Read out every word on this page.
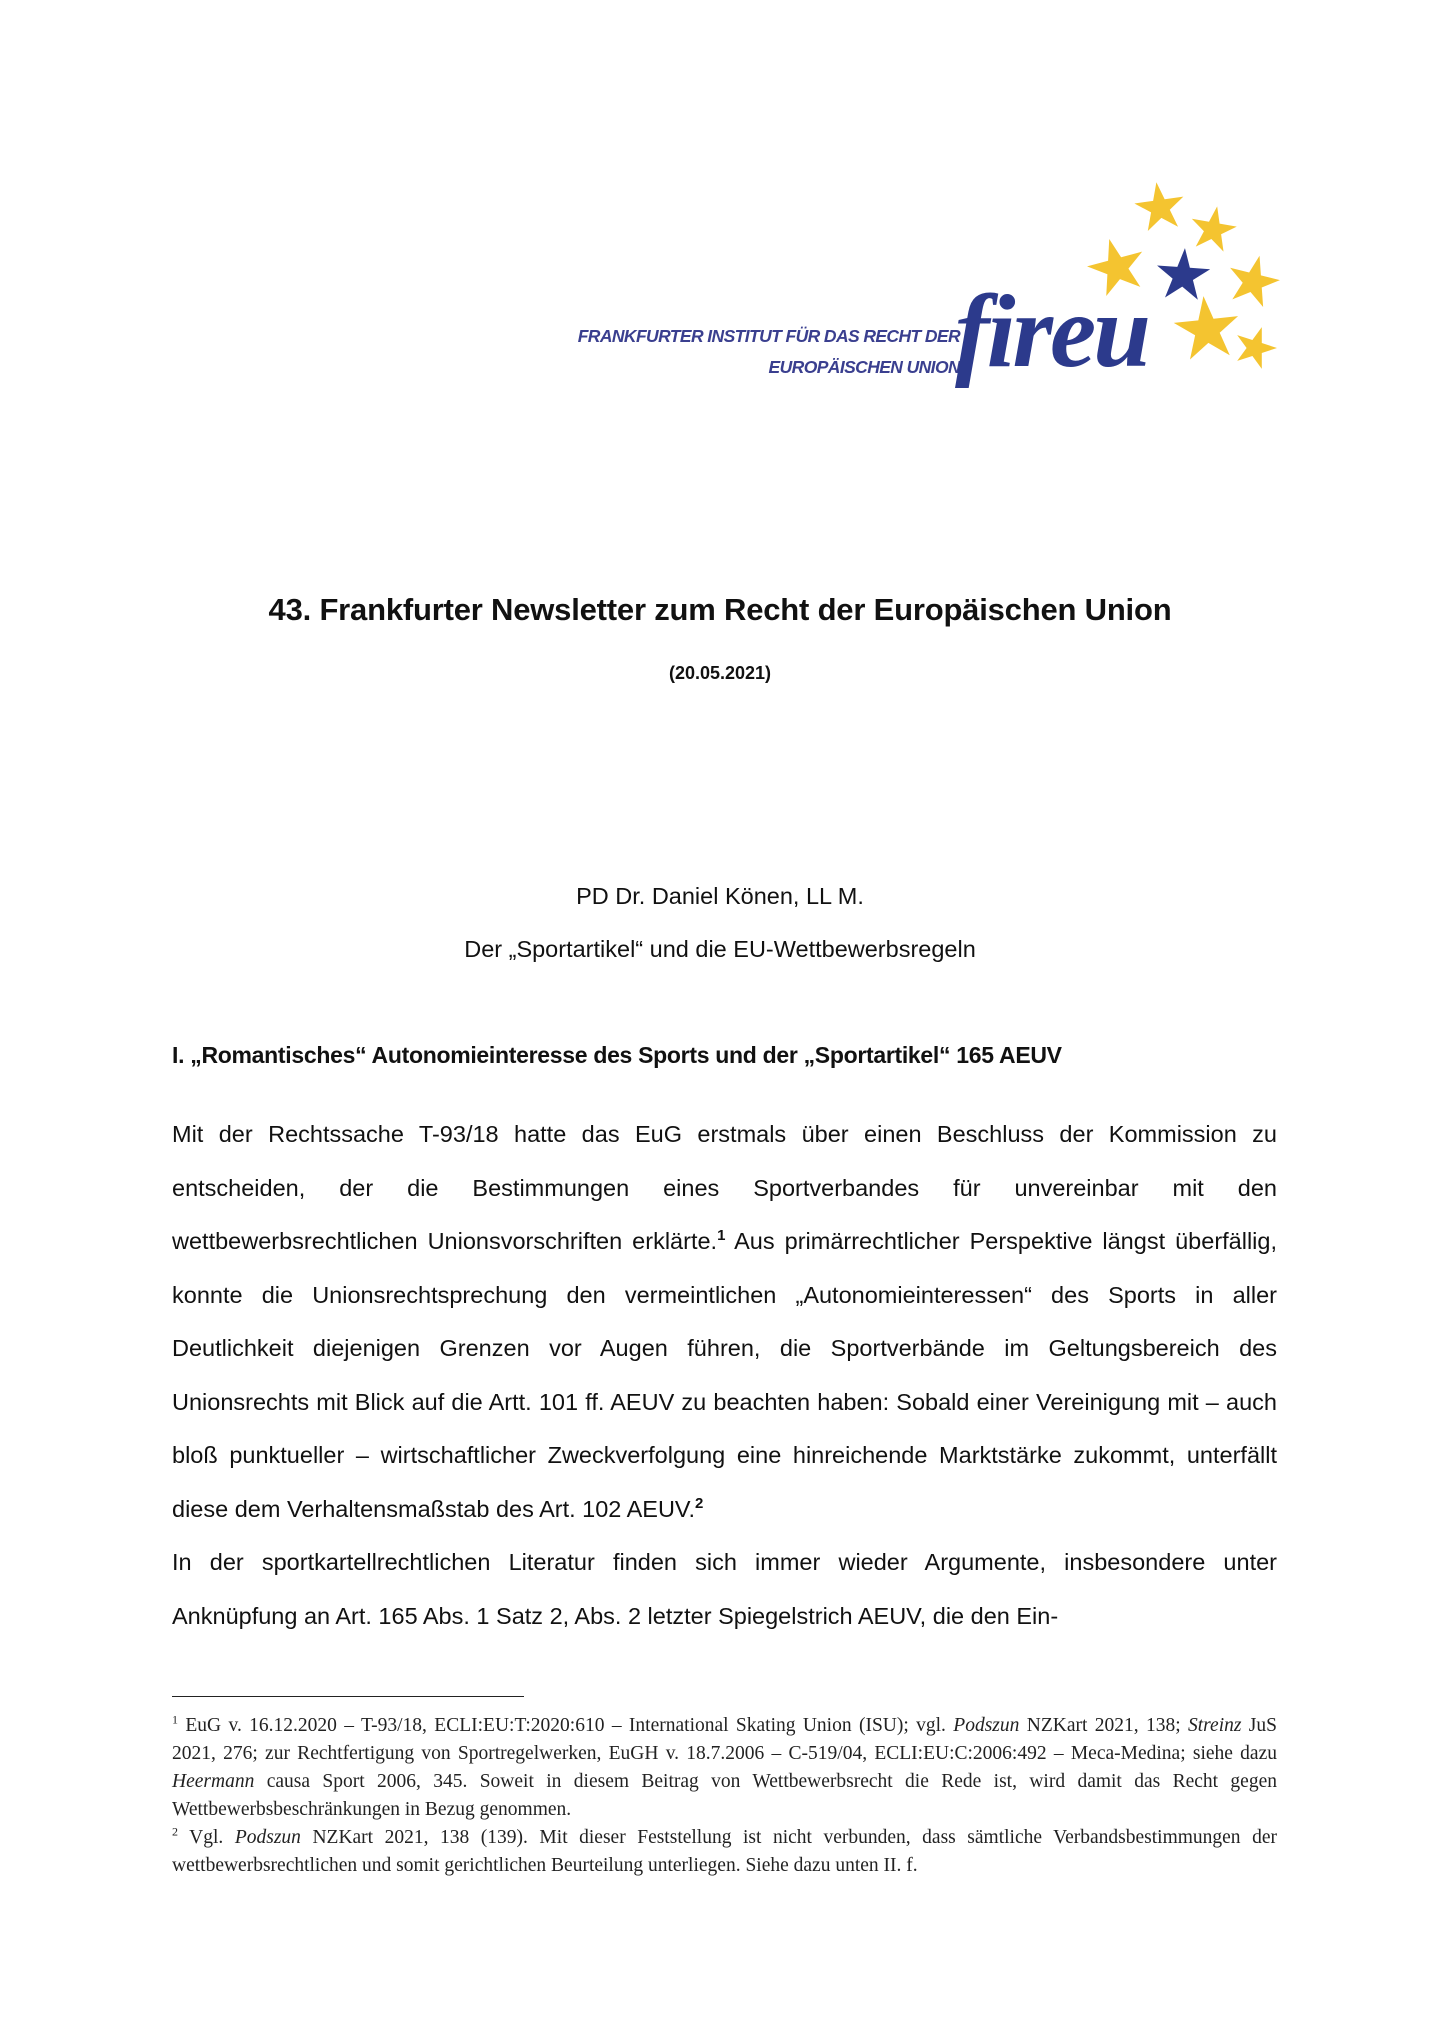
FRANKFURTER INSTITUT FÜR DAS RECHT DER
EUROPÄISCHEN UNION
fireu
43. Frankfurter Newsletter zum Recht der Europäischen Union
(20.05.2021)
PD Dr. Daniel Könen, LL M.
Der „Sportartikel“ und die EU-Wettbewerbsregeln
I. „Romantisches“ Autonomieinteresse des Sports und der „Sportartikel“ 165 AEUV

Mit der Rechtssache T-93/18 hatte das EuG erstmals über einen Beschluss der Kommission zu entscheiden, der die Bestimmungen eines Sportverbandes für unvereinbar mit den wettbewerbsrechtlichen Unionsvorschriften erklärte.$^1$ Aus primärrechtlicher Perspektive längst überfällig, konnte die Unionsrechtsprechung den vermeintlichen „Autonomieinteressen“ des Sports in aller Deutlichkeit diejenigen Grenzen vor Augen führen, die Sportverbände im Geltungsbereich des Unionsrechts mit Blick auf die Artt. 101 ff. AEUV zu beachten haben: Sobald einer Vereinigung mit – auch bloß punktueller – wirtschaftlicher Zweckverfolgung eine hinreichende Marktstärke zukommt, unterfällt diese dem Verhaltensmaßstab des Art. 102 AEUV.$^2$

In der sportkartellrechtlichen Literatur finden sich immer wieder Argumente, insbesondere unter Anknüpfung an Art. 165 Abs. 1 Satz 2, Abs. 2 letzter Spiegelstrich AEUV, die den Ein-

$^1$ EuG v. 16.12.2020 – T-93/18, ECLI:EU:T:2020:610 – International Skating Union (ISU); vgl. Podszun NZKart 2021, 138; Streinz JuS 2021, 276; zur Rechtfertigung von Sportregelwerken, EuGH v. 18.7.2006 – C-519/04, ECLI:EU:C:2006:492 – Meca-Medina; siehe dazu Heermann causa Sport 2006, 345. Soweit in diesem Beitrag von Wettbewerbsrecht die Rede ist, wird damit das Recht gegen Wettbewerbsbeschränkungen in Bezug genommen.

$^2$ Vgl. Podszun NZKart 2021, 138 (139). Mit dieser Feststellung ist nicht verbunden, dass sämtliche Verbandsbestimmungen der wettbewerbsrechtlichen und somit gerichtlichen Beurteilung unterliegen. Siehe dazu unten II. f.
